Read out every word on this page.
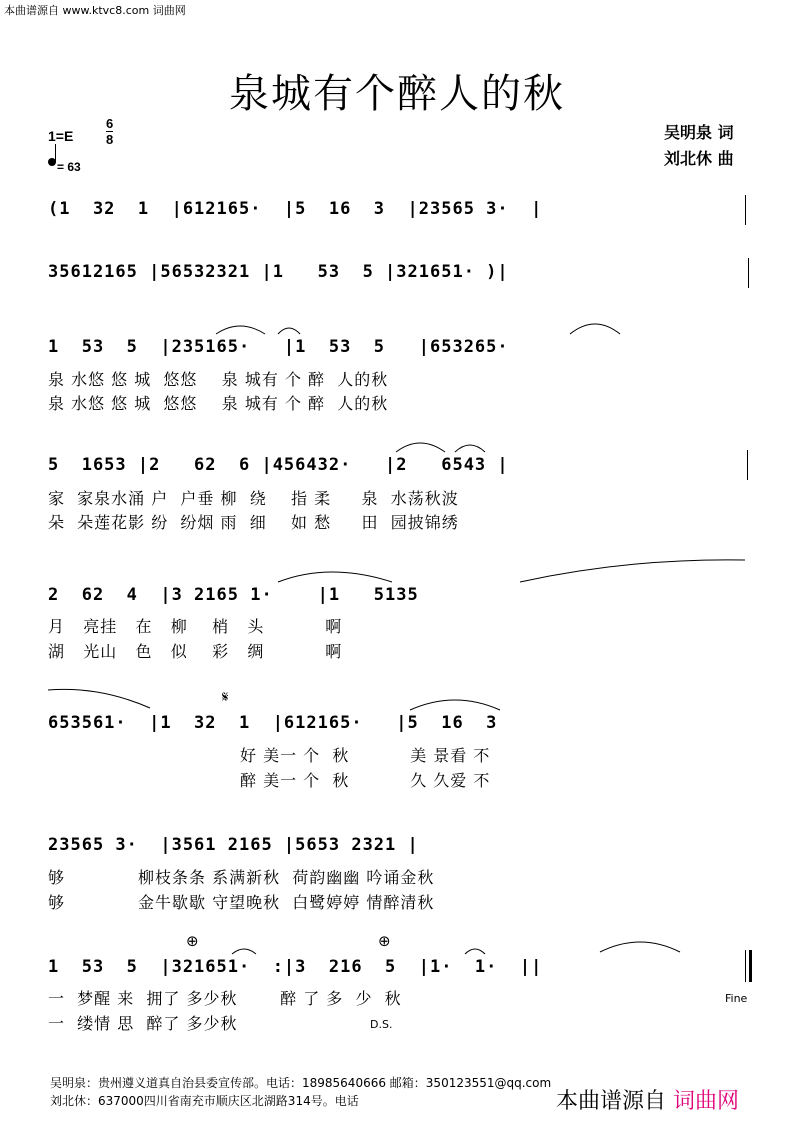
本曲谱源自 www.ktvc8.com 词曲网
泉城有个醉人的秋
1=E
6
8
= 63
吴明泉 词
刘北休 曲
(1  32  1  |612165·  |5  16  3  |23565 3·  |
35612165 |56532321 |1   53  5 |321651· )|
1  53  5  |235165·   |1  53  5   |653265·
泉 水悠 悠 城  悠悠    泉 城有 个 醉  人的秋
泉 水悠 悠 城  悠悠    泉 城有 个 醉  人的秋
5  1653 |2   62  6 |456432·   |2   6543 |
家  家泉水涌 户  户垂 柳  绕    指 柔     泉  水荡秋波
朵  朵莲花影 纷  纷烟 雨  细    如 愁     田  园披锦绣
2  62  4  |3 2165 1·    |1   5135
月   亮挂   在   柳    梢   头          啊
湖   光山   色   似    彩   绸          啊
653561·  |1  32  1  |612165·   |5  16  3
好 美一 个  秋          美 景看 不
醉 美一 个  秋          久 久爱 不
𝄋
23565 3·  |3561 2165 |5653 2321 |
够            柳枝条条 系满新秋  荷韵幽幽 吟诵金秋
够            金牛歇歇 守望晚秋  白鹭婷婷 情醉清秋
1  53  5  |321651·  :|3  216  5  |1·  1·  ||
一  梦醒 来  拥了 多少秋       醉 了 多  少  秋
一  缕情 思  醉了 多少秋
⊕	⊕
D.S.
Fine
吴明泉：贵州遵义道真自治县委宣传部。电话：18985640666 邮箱：350123551@qq.com
刘北休：637000四川省南充市顺庆区北湖路314号。电话	本曲谱源自 词曲网
